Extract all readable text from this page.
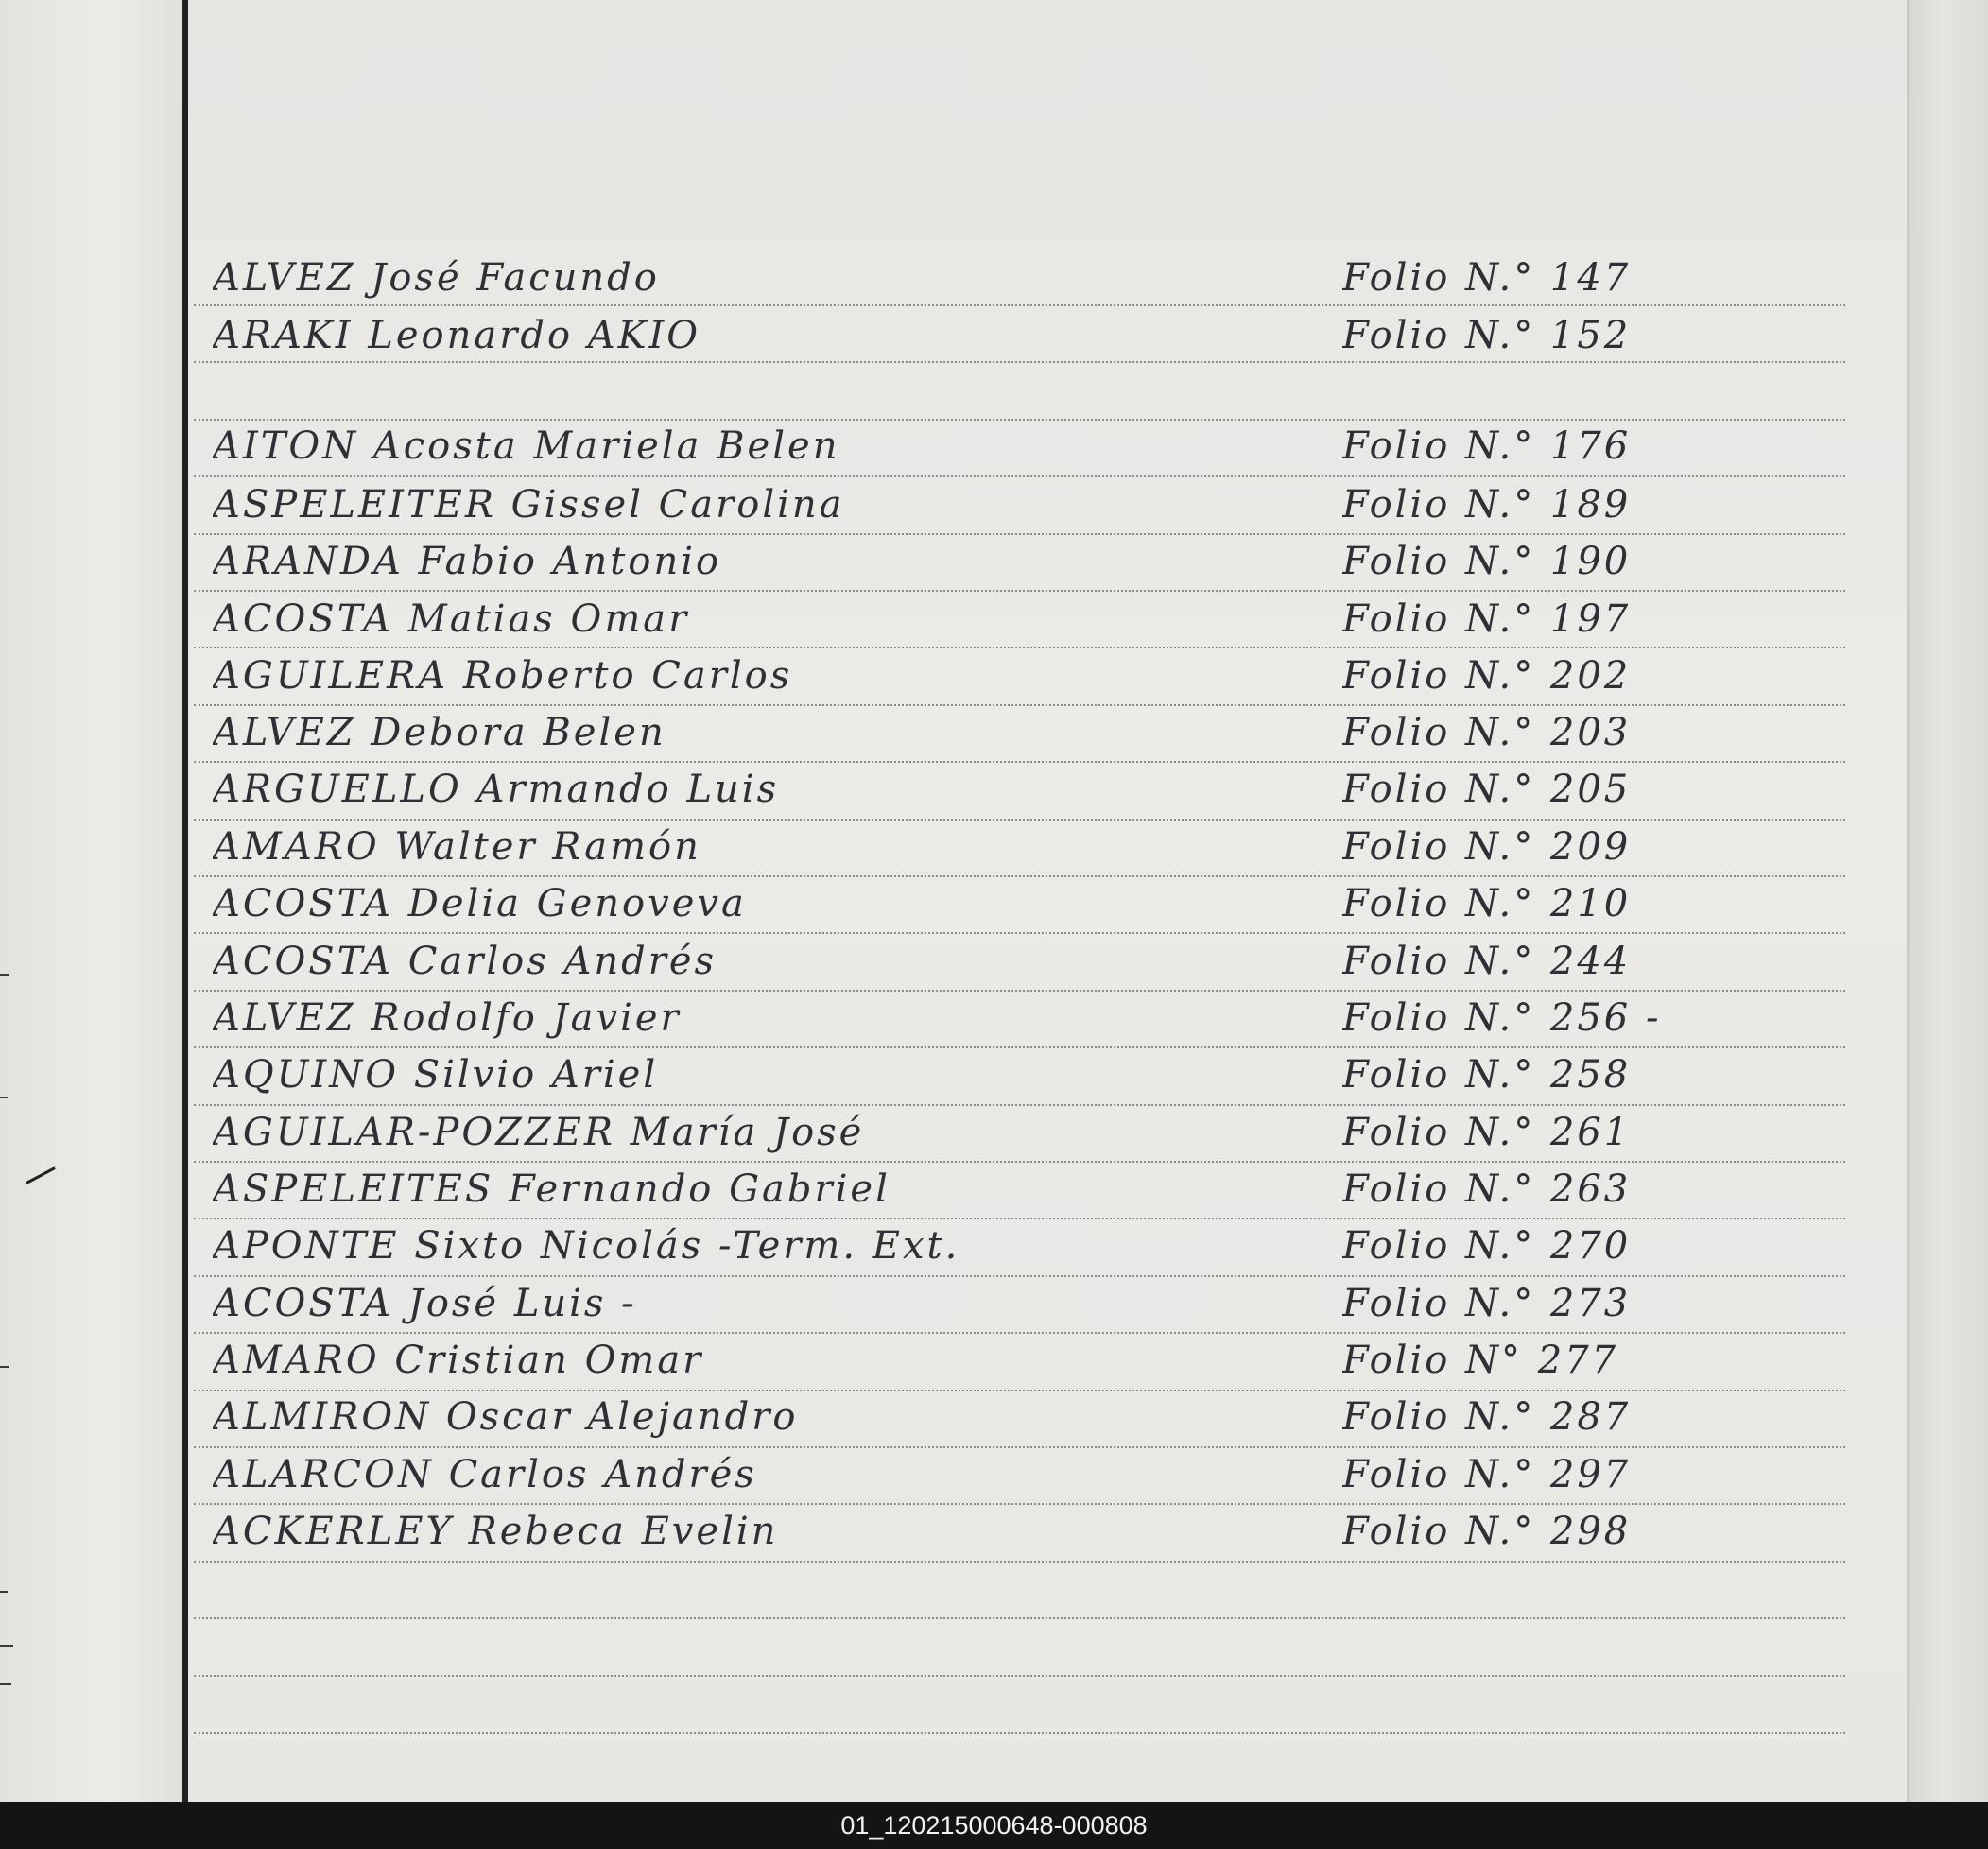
ALVEZ José Facundo	Folio N.° 147
ARAKI Leonardo AKIO	Folio N.° 152
AITON Acosta Mariela Belen	Folio N.° 176
ASPELEITER Gissel Carolina	Folio N.° 189
ARANDA Fabio Antonio	Folio N.° 190
ACOSTA Matias Omar	Folio N.° 197
AGUILERA Roberto Carlos	Folio N.° 202
ALVEZ Debora Belen	Folio N.° 203
ARGUELLO Armando Luis	Folio N.° 205
AMARO Walter Ramón	Folio N.° 209
ACOSTA Delia Genoveva	Folio N.° 210
ACOSTA Carlos Andrés	Folio N.° 244
ALVEZ Rodolfo Javier	Folio N.° 256 -
AQUINO Silvio Ariel	Folio N.° 258
AGUILAR-POZZER María José	Folio N.° 261
ASPELEITES Fernando Gabriel	Folio N.° 263
APONTE Sixto Nicolás -Term. Ext.	Folio N.° 270
ACOSTA José Luis -	Folio N.° 273
AMARO Cristian Omar	Folio N° 277
ALMIRON Oscar Alejandro	Folio N.° 287
ALARCON Carlos Andrés	Folio N.° 297
ACKERLEY Rebeca Evelin	Folio N.° 298
01_120215000648-000808
